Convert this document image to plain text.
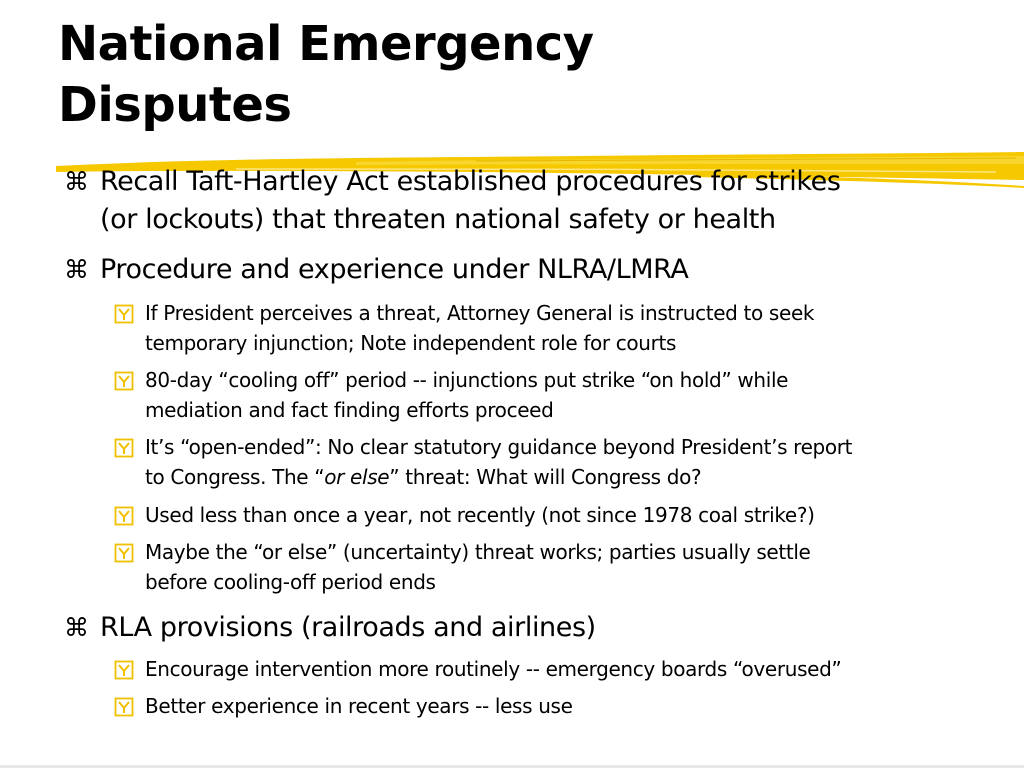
National Emergency
Disputes
⌘ Recall Taft-Hartley Act established procedures for strikes
(or lockouts) that threaten national safety or health
⌘ Procedure and experience under NLRA/LMRA
If President perceives a threat, Attorney General is instructed to seek
temporary injunction; Note independent role for courts
80-day “cooling off” period -- injunctions put strike “on hold” while
mediation and fact finding efforts proceed
It’s “open-ended”: No clear statutory guidance beyond President’s report
to Congress. The “or else” threat: What will Congress do?
Used less than once a year, not recently (not since 1978 coal strike?)
Maybe the “or else” (uncertainty) threat works; parties usually settle
before cooling-off period ends
⌘ RLA provisions (railroads and airlines)
Encourage intervention more routinely -- emergency boards “overused”
Better experience in recent years -- less use
